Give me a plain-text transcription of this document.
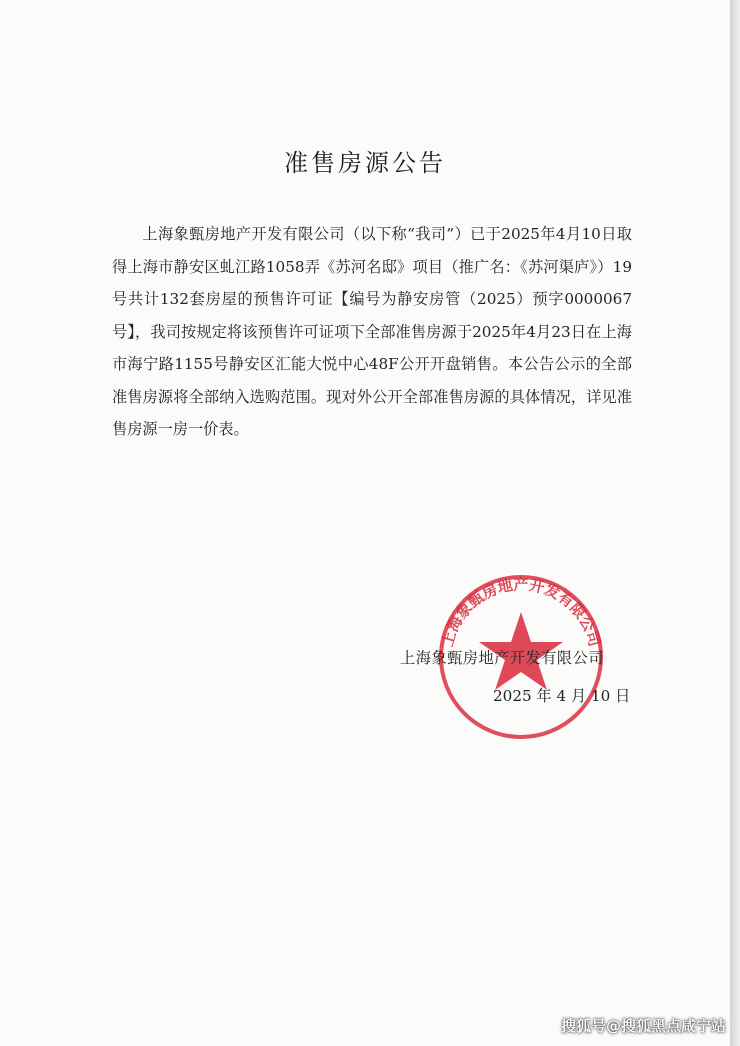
准售房源公告

上海象甄房地产开发有限公司（以下称“我司”）已于2025年4月10日取得上海市静安区虬江路1058弄《苏河名邸》项目（推广名：《苏河渠庐》）19号共计132套房屋的预售许可证【编号为静安房管（2025）预字0000067号】，我司按规定将该预售许可证项下全部准售房源于2025年4月23日在上海市海宁路1155号静安区汇能大悦中心48F公开开盘销售。本公告公示的全部准售房源将全部纳入选购范围。现对外公开全部准售房源的具体情况，详见准售房源一房一价表。

上海象甄房地产开发有限公司
上海象甄房地产开发有限公司
2025 年 4 月 10 日
搜狐号@搜狐黑点咸宁站
